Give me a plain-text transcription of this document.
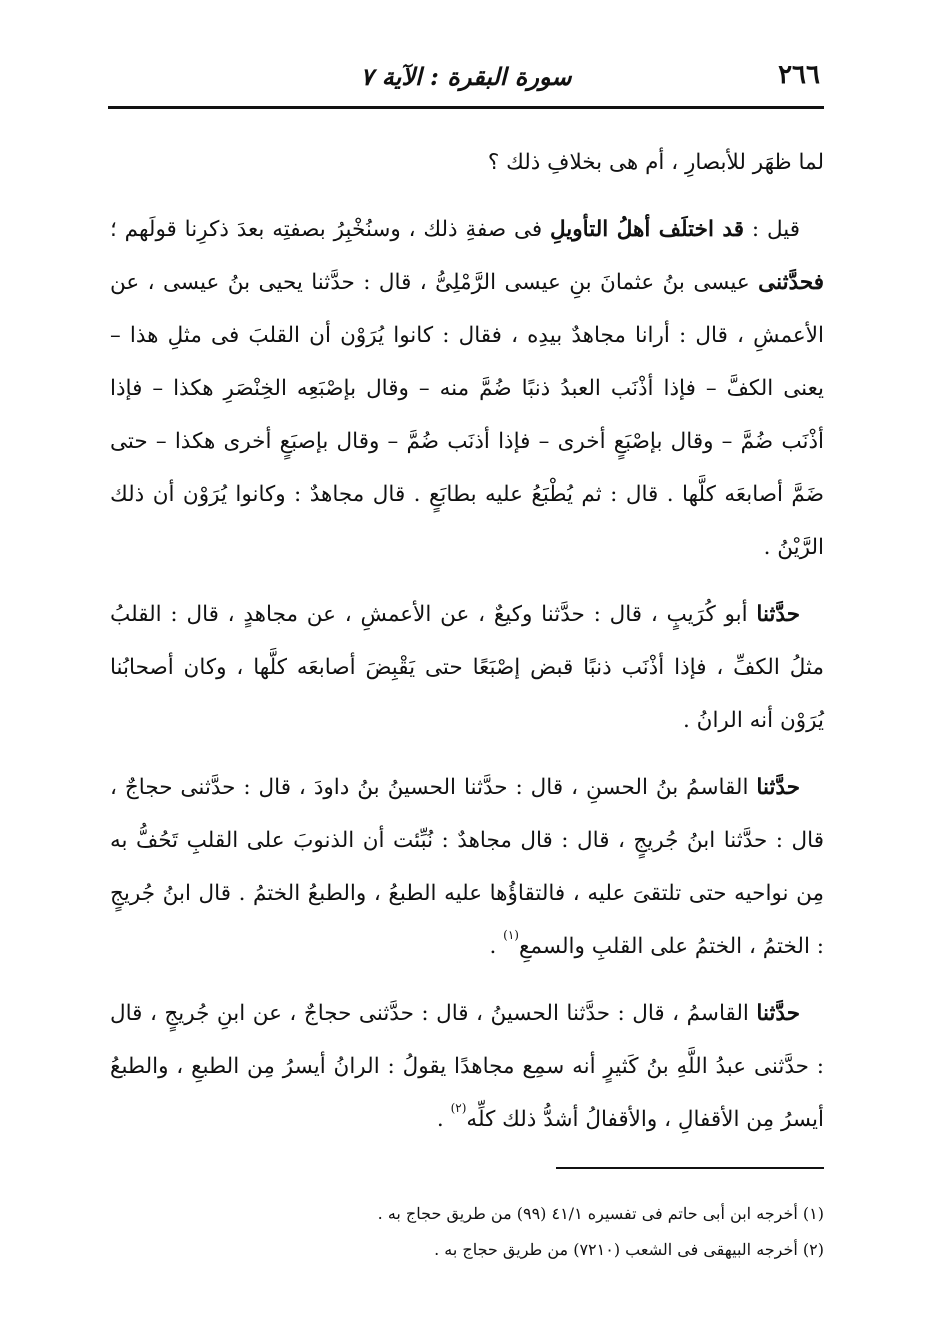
٢٦٦
سورة البقرة : الآية ٧

لما ظهَر للأبصارِ ، أم هى بخلافِ ذلك ؟

قيل : قد اختلَف أهلُ التأويلِ فى صفةِ ذلك ، وسنُخْبِرُ بصفتِه بعدَ ذكرِنا قولَهم ؛ فحدَّثنى عيسى بنُ عثمانَ بنِ عيسى الرَّمْلِىُّ ، قال : حدَّثنا يحيى بنُ عيسى ، عن الأعمشِ ، قال : أرانا مجاهدٌ بيدِه ، فقال : كانوا يُرَوْن أن القلبَ فى مثلِ هذا – يعنى الكفَّ – فإذا أذْنَب العبدُ ذنبًا ضُمَّ منه – وقال بإصْبَعِه الخِنْصَرِ هكذا – فإذا أذْنَب ضُمَّ – وقال بإصْبَعٍ أخرى – فإذا أذنَب ضُمَّ – وقال بإصبَعٍ أخرى هكذا – حتى ضَمَّ أصابعَه كلَّها . قال : ثم يُطْبَعُ عليه بطابَعٍ . قال مجاهدٌ : وكانوا يُرَوْن أن ذلك الرَّيْنُ .

حدَّثنا أبو كُرَيبٍ ، قال : حدَّثنا وكيعٌ ، عن الأعمشِ ، عن مجاهدٍ ، قال : القلبُ مثلُ الكفِّ ، فإذا أذْنَب ذنبًا قبض إصْبَعًا حتى يَقْبِضَ أصابعَه كلَّها ، وكان أصحابُنا يُرَوْن أنه الرانُ .

حدَّثنا القاسمُ بنُ الحسنِ ، قال : حدَّثنا الحسينُ بنُ داودَ ، قال : حدَّثنى حجاجٌ ، قال : حدَّثنا ابنُ جُريجٍ ، قال : قال مجاهدٌ : نُبِّئت أن الذنوبَ على القلبِ تَحُفُّ به مِن نواحيه حتى تلتقىَ عليه ، فالتقاؤُها عليه الطبعُ ، والطبعُ الختمُ . قال ابنُ جُريجٍ : الختمُ ، الختمُ على القلبِ والسمعِ$^{(١)}$ .

حدَّثنا القاسمُ ، قال : حدَّثنا الحسينُ ، قال : حدَّثنى حجاجٌ ، عن ابنِ جُريجٍ ، قال : حدَّثنى عبدُ اللَّهِ بنُ كَثيرٍ أنه سمِع مجاهدًا يقولُ : الرانُ أيسرُ مِن الطبعِ ، والطبعُ أيسرُ مِن الأقفالِ ، والأقفالُ أشدُّ ذلك كلِّه$^{(٢)}$ .

(١) أخرجه ابن أبى حاتم فى تفسيره ٤١/١ (٩٩) من طريق حجاج به .

(٢) أخرجه البيهقى فى الشعب (٧٢١٠) من طريق حجاج به .
